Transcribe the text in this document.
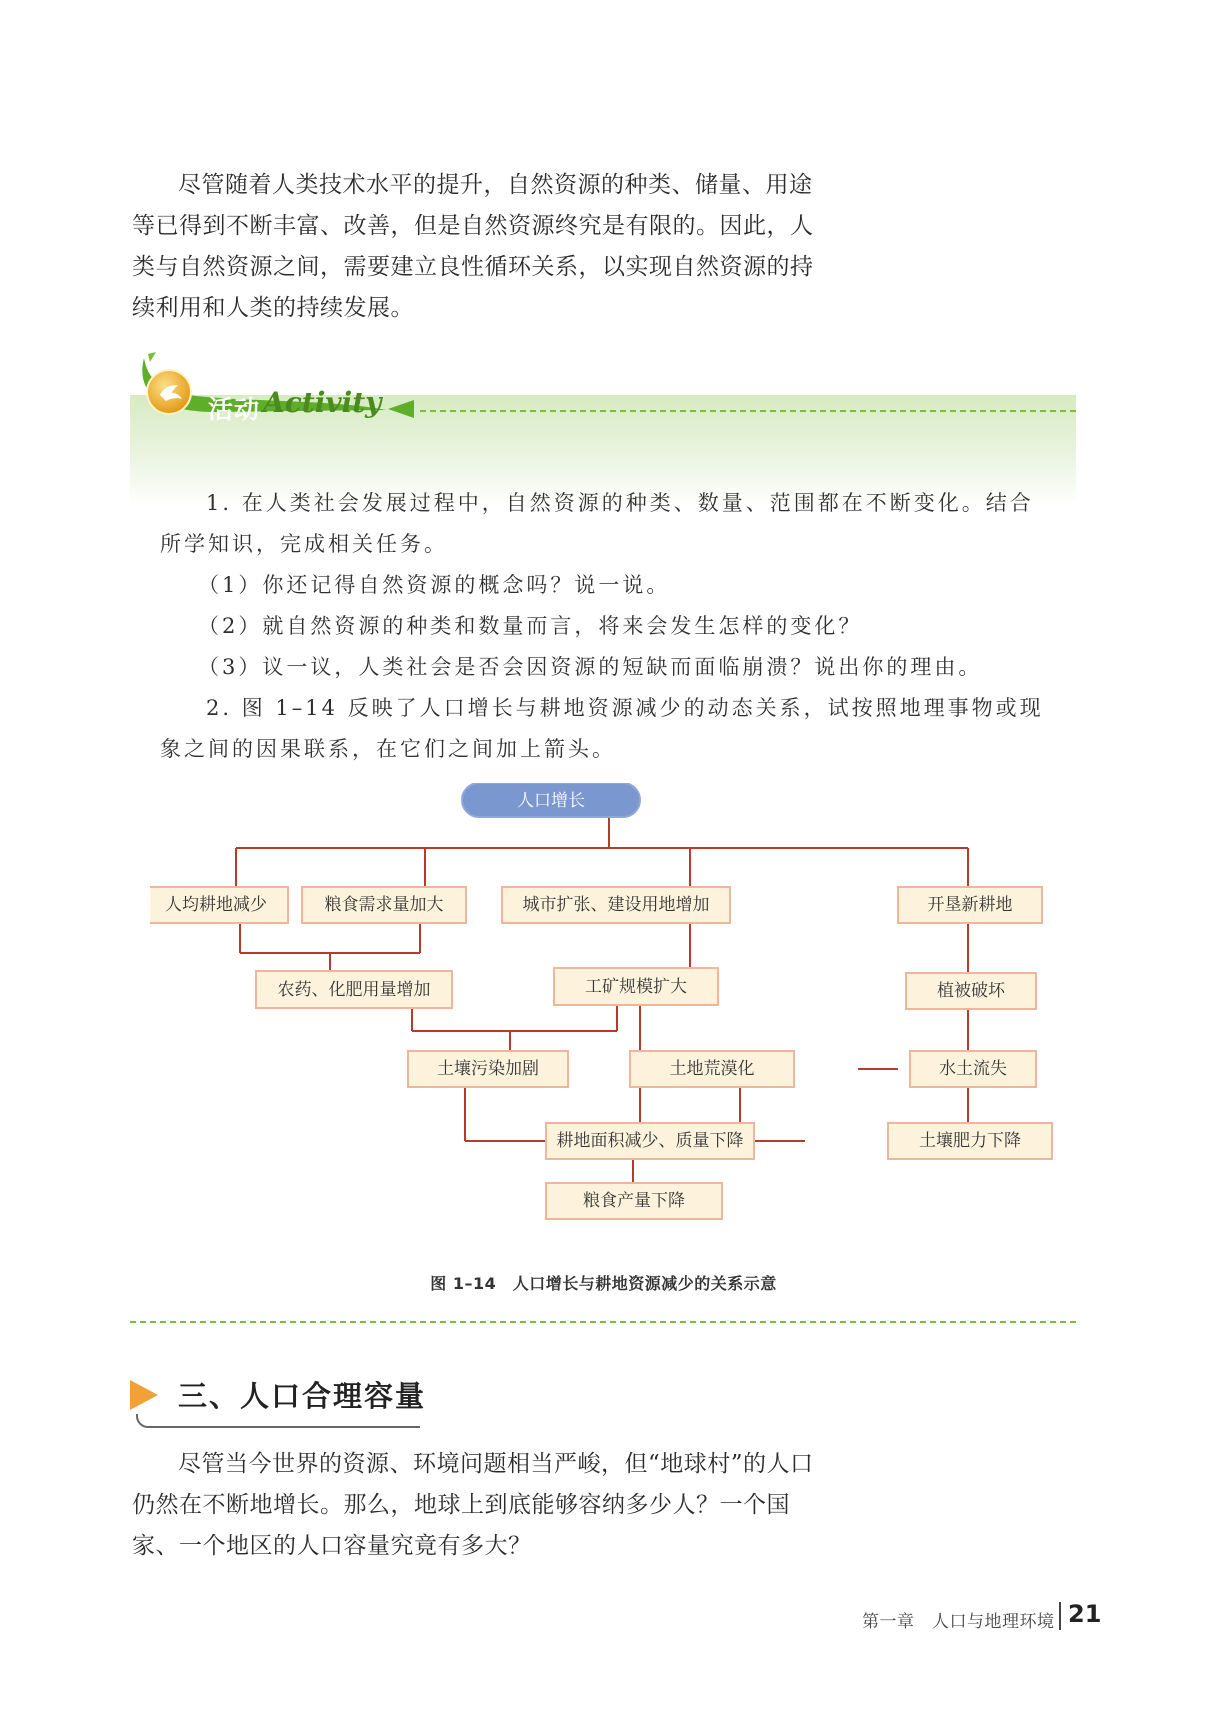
尽管随着人类技术水平的提升，自然资源的种类、储量、用途等已得到不断丰富、改善，但是自然资源终究是有限的。因此，人类与自然资源之间，需要建立良性循环关系，以实现自然资源的持续利用和人类的持续发展。

活动 Activity

1. 在人类社会发展过程中，自然资源的种类、数量、范围都在不断变化。结合所学知识，完成相关任务。

（1）你还记得自然资源的概念吗？说一说。

（2）就自然资源的种类和数量而言，将来会发生怎样的变化？

（3）议一议，人类社会是否会因资源的短缺而面临崩溃？说出你的理由。

2. 图 1–14 反映了人口增长与耕地资源减少的动态关系，试按照地理事物或现象之间的因果联系，在它们之间加上箭头。

人口增长
人均耕地减少	粮食需求量加大	城市扩张、建设用地增加	开垦新耕地
农药、化肥用量增加	工矿规模扩大	植被破坏
土壤污染加剧	土地荒漠化	水土流失
耕地面积减少、质量下降	土壤肥力下降
粮食产量下降
图 1–14　人口增长与耕地资源减少的关系示意
三、人口合理容量

尽管当今世界的资源、环境问题相当严峻，但“地球村”的人口仍然在不断地增长。那么，地球上到底能够容纳多少人？一个国家、一个地区的人口容量究竟有多大？

第一章　人口与地理环境 21
